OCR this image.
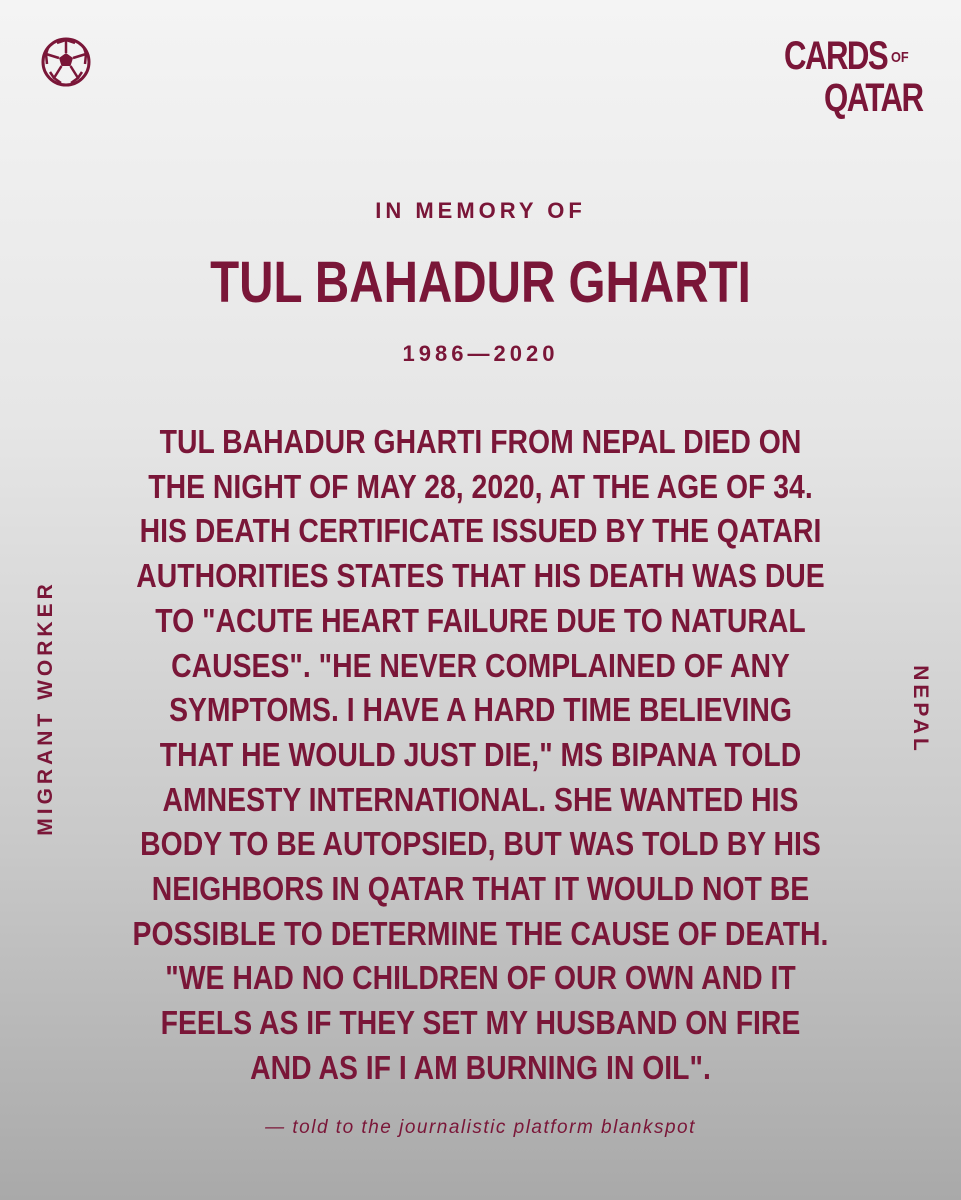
CARDS OF
QATAR
IN MEMORY OF
TUL BAHADUR GHARTI
1986—2020
TUL BAHADUR GHARTI FROM NEPAL DIED ON
THE NIGHT OF MAY 28, 2020, AT THE AGE OF 34.
HIS DEATH CERTIFICATE ISSUED BY THE QATARI
AUTHORITIES STATES THAT HIS DEATH WAS DUE
TO "ACUTE HEART FAILURE DUE TO NATURAL
CAUSES". "HE NEVER COMPLAINED OF ANY
SYMPTOMS. I HAVE A HARD TIME BELIEVING
THAT HE WOULD JUST DIE," MS BIPANA TOLD
AMNESTY INTERNATIONAL. SHE WANTED HIS
BODY TO BE AUTOPSIED, BUT WAS TOLD BY HIS
NEIGHBORS IN QATAR THAT IT WOULD NOT BE
POSSIBLE TO DETERMINE THE CAUSE OF DEATH.
"WE HAD NO CHILDREN OF OUR OWN AND IT
FEELS AS IF THEY SET MY HUSBAND ON FIRE
AND AS IF I AM BURNING IN OIL".
— told to the journalistic platform blankspot
MIGRANT WORKER	NEPAL
